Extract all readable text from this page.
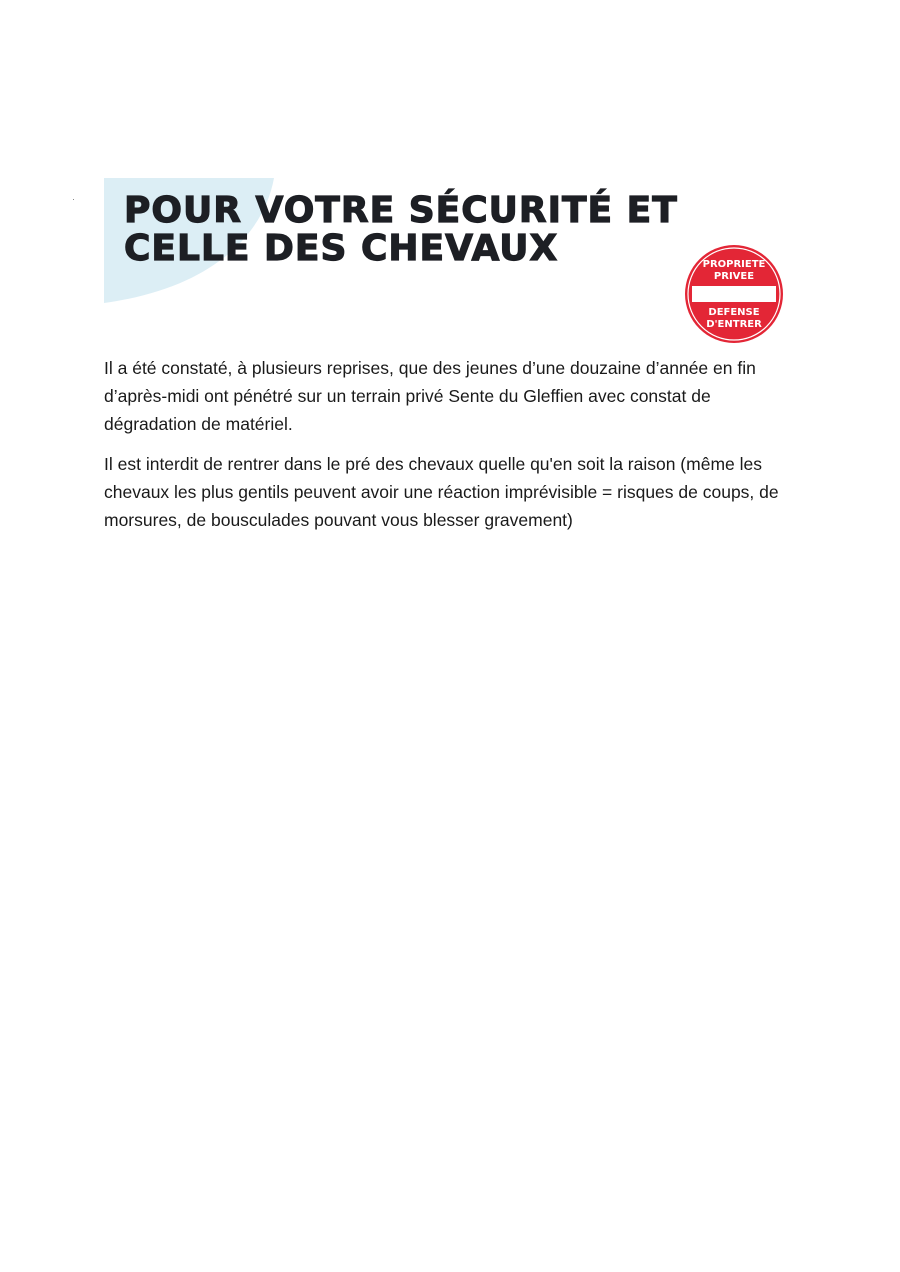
POUR VOTRE SÉCURITÉ ET
CELLE DES CHEVAUX	PROPRIETE
PRIVEE
DEFENSE
D'ENTRER

Il a été constaté, à plusieurs reprises, que des jeunes d’une douzaine d’année en fin d’après-midi ont pénétré sur un terrain privé Sente du Gleffien avec constat de dégradation de matériel.

Il est interdit de rentrer dans le pré des chevaux quelle qu'en soit la raison (même les chevaux les plus gentils peuvent avoir une réaction imprévisible = risques de coups, de morsures, de bousculades pouvant vous blesser gravement)
